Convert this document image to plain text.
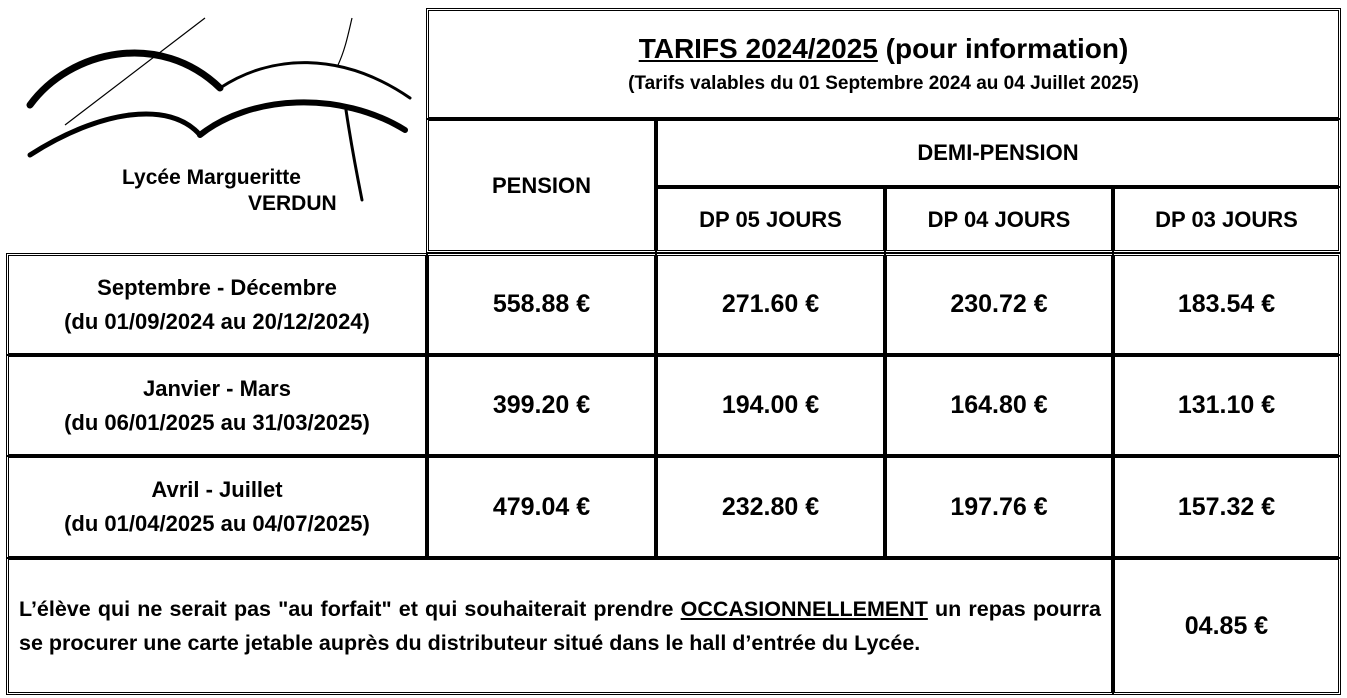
Lycée Margueritte
VERDUN
TARIFS 2024/2025 (pour information)
(Tarifs valables du 01 Septembre 2024 au 04 Juillet 2025)
PENSION
DEMI-PENSION
DP 05 JOURS	DP 04 JOURS	DP 03 JOURS
Septembre - Décembre
(du 01/09/2024 au 20/12/2024)
558.88 €	271.60 €	230.72 €	183.54 €
Janvier - Mars
(du 06/01/2025 au 31/03/2025)
399.20 €	194.00 €	164.80 €	131.10 €
Avril - Juillet
(du 01/04/2025 au 04/07/2025)
479.04 €	232.80 €	197.76 €	157.32 €
L’élève qui ne serait pas "au forfait" et qui souhaiterait prendre OCCASIONNELLEMENT un repas pourra se procurer une carte jetable auprès du distributeur situé dans le hall d’entrée du Lycée.
04.85 €
